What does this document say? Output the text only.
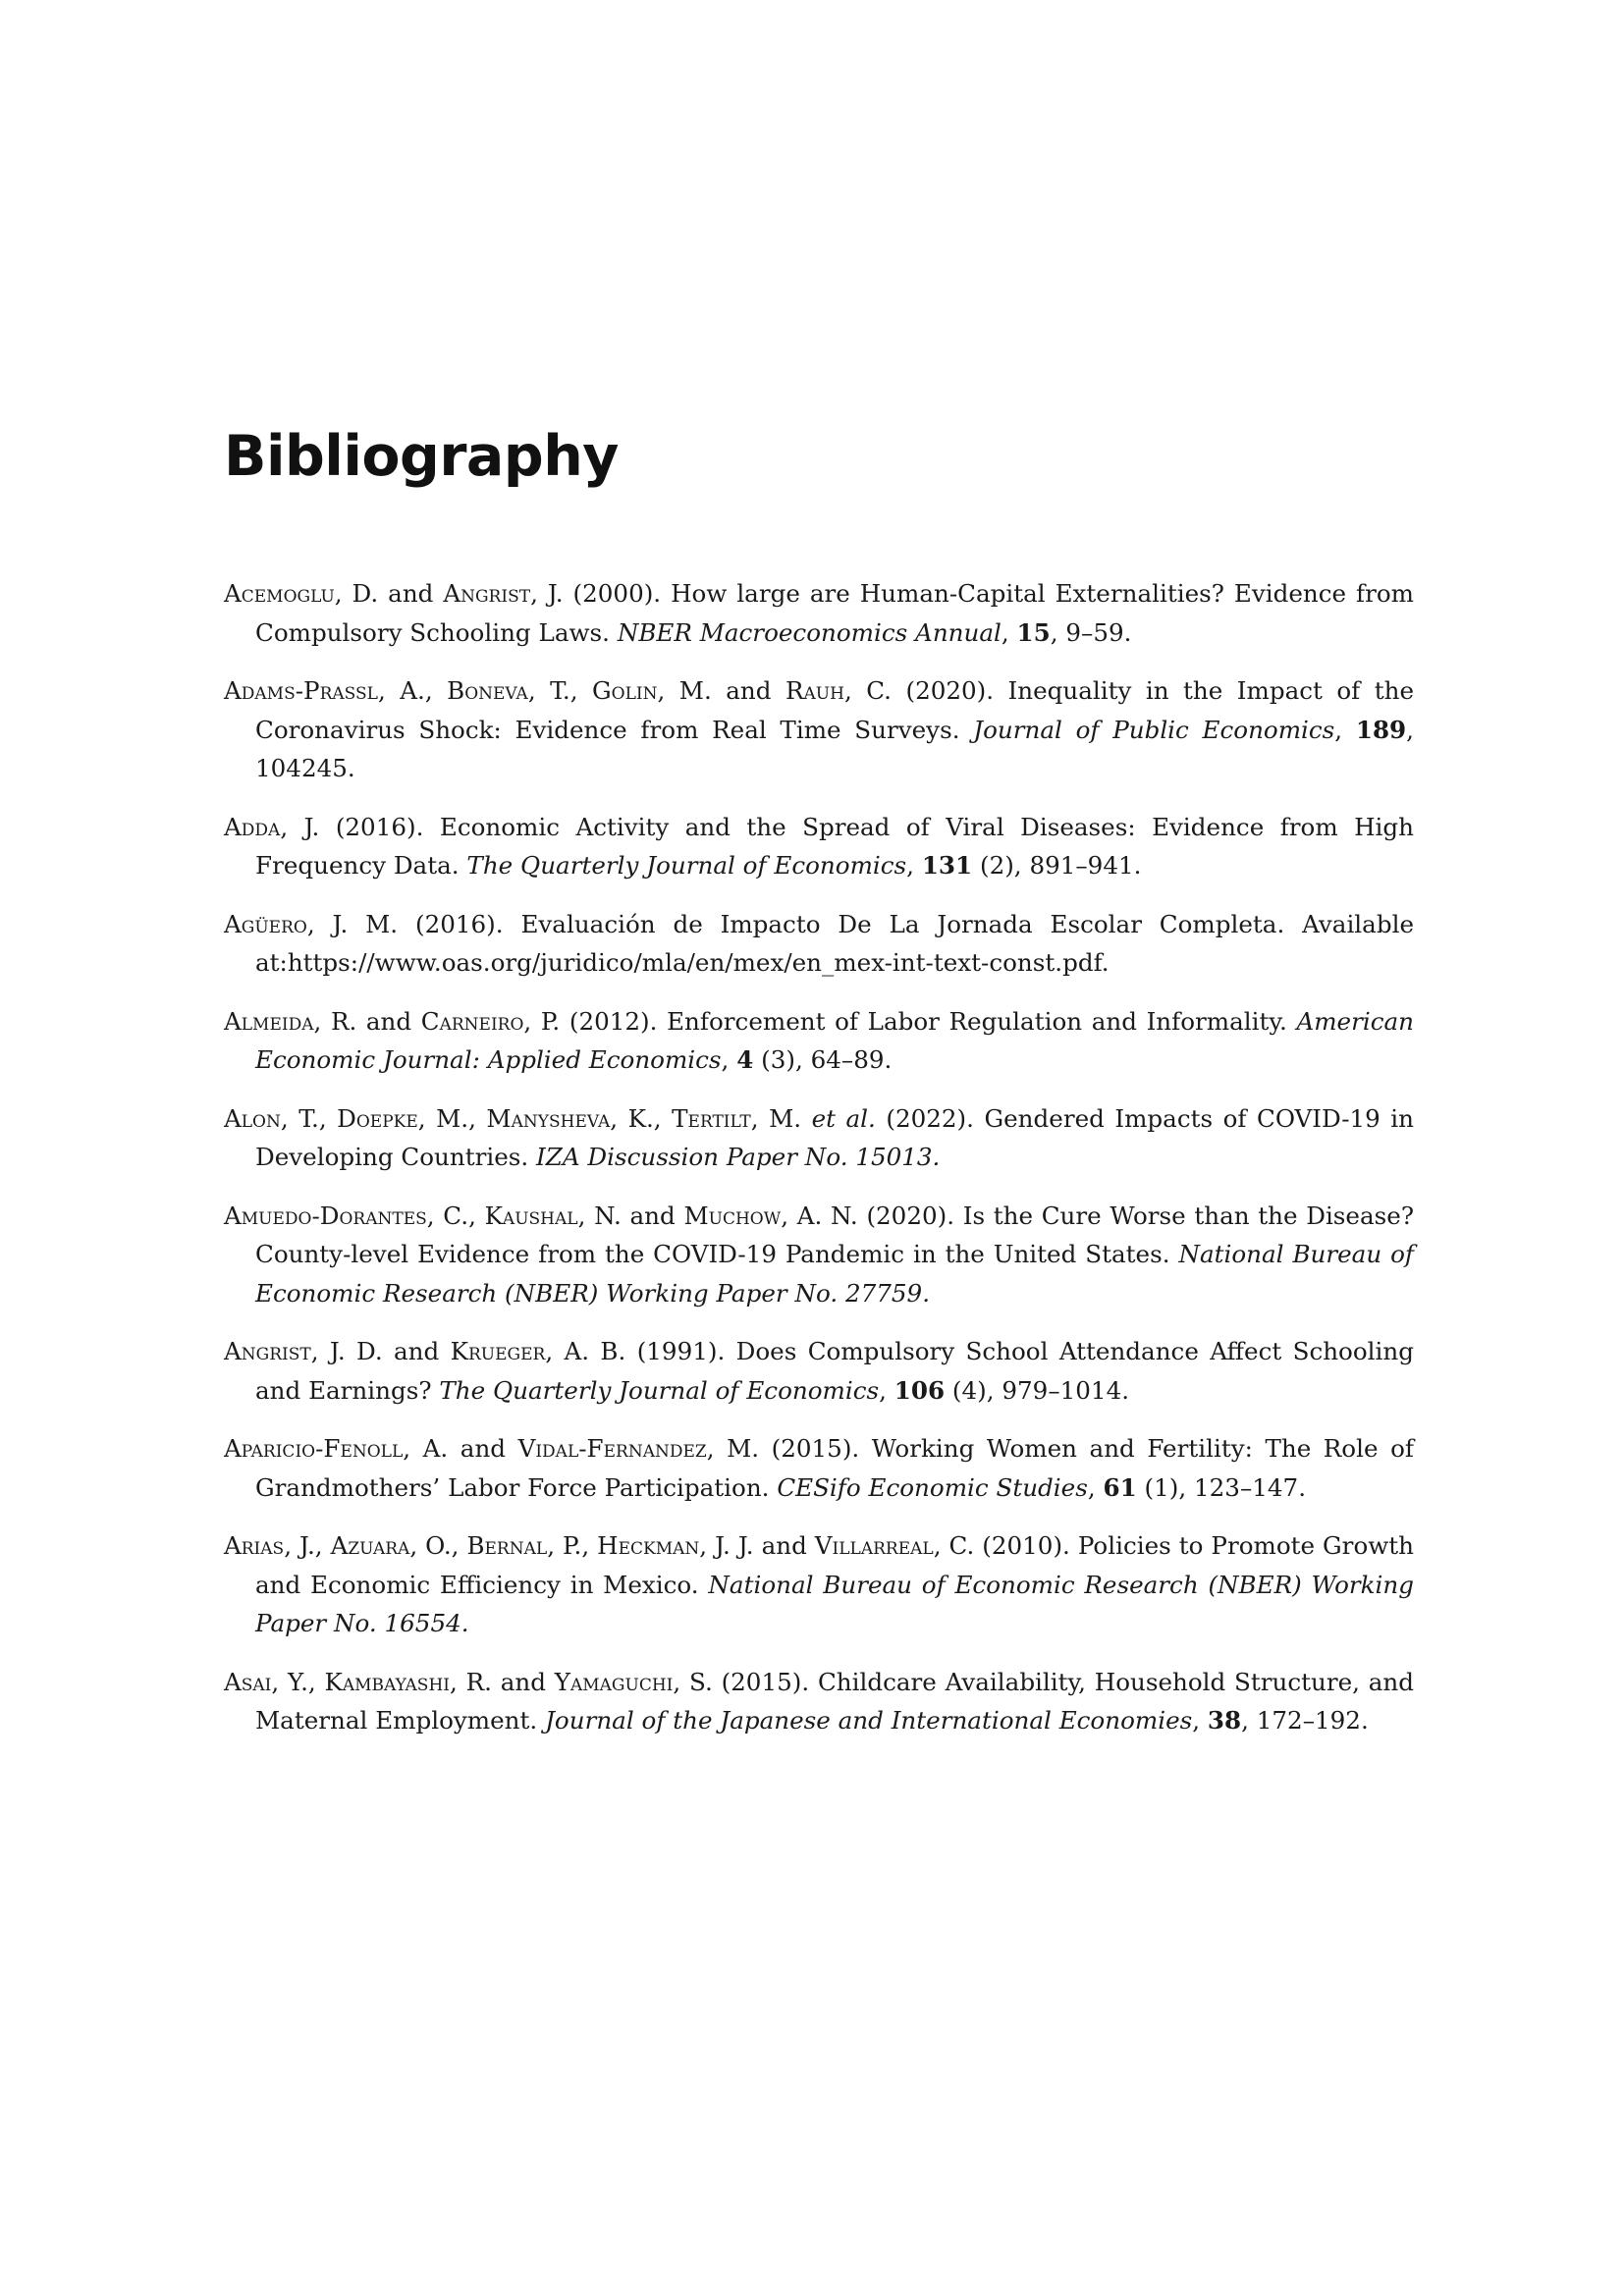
Bibliography

Acemoglu, D. and Angrist, J. (2000). How large are Human-Capital Externalities? Evidence from Compulsory Schooling Laws. NBER Macroeconomics Annual, 15, 9–59.

Adams-Prassl, A., Boneva, T., Golin, M. and Rauh, C. (2020). Inequality in the Impact of the Coronavirus Shock: Evidence from Real Time Surveys. Journal of Public Economics, 189, 104245.

Adda, J. (2016). Economic Activity and the Spread of Viral Diseases: Evidence from High Frequency Data. The Quarterly Journal of Economics, 131 (2), 891–941.

Agüero, J. M. (2016). Evaluación de Impacto De La Jornada Escolar Completa. Available at:https://www.oas.org/juridico/mla/en/mex/en_mex-int-text-const.pdf.

Almeida, R. and Carneiro, P. (2012). Enforcement of Labor Regulation and Informality. American Economic Journal: Applied Economics, 4 (3), 64–89.

Alon, T., Doepke, M., Manysheva, K., Tertilt, M. et al. (2022). Gendered Impacts of COVID-19 in Developing Countries. IZA Discussion Paper No. 15013.

Amuedo-Dorantes, C., Kaushal, N. and Muchow, A. N. (2020). Is the Cure Worse than the Disease? County-level Evidence from the COVID-19 Pandemic in the United States. National Bureau of Economic Research (NBER) Working Paper No. 27759.

Angrist, J. D. and Krueger, A. B. (1991). Does Compulsory School Attendance Affect Schooling and Earnings? The Quarterly Journal of Economics, 106 (4), 979–1014.

Aparicio-Fenoll, A. and Vidal-Fernandez, M. (2015). Working Women and Fertility: The Role of Grandmothers’ Labor Force Participation. CESifo Economic Studies, 61 (1), 123–147.

Arias, J., Azuara, O., Bernal, P., Heckman, J. J. and Villarreal, C. (2010). Policies to Promote Growth and Economic Efficiency in Mexico. National Bureau of Economic Research (NBER) Working Paper No. 16554.

Asai, Y., Kambayashi, R. and Yamaguchi, S. (2015). Childcare Availability, Household Structure, and Maternal Employment. Journal of the Japanese and International Economies, 38, 172–192.
